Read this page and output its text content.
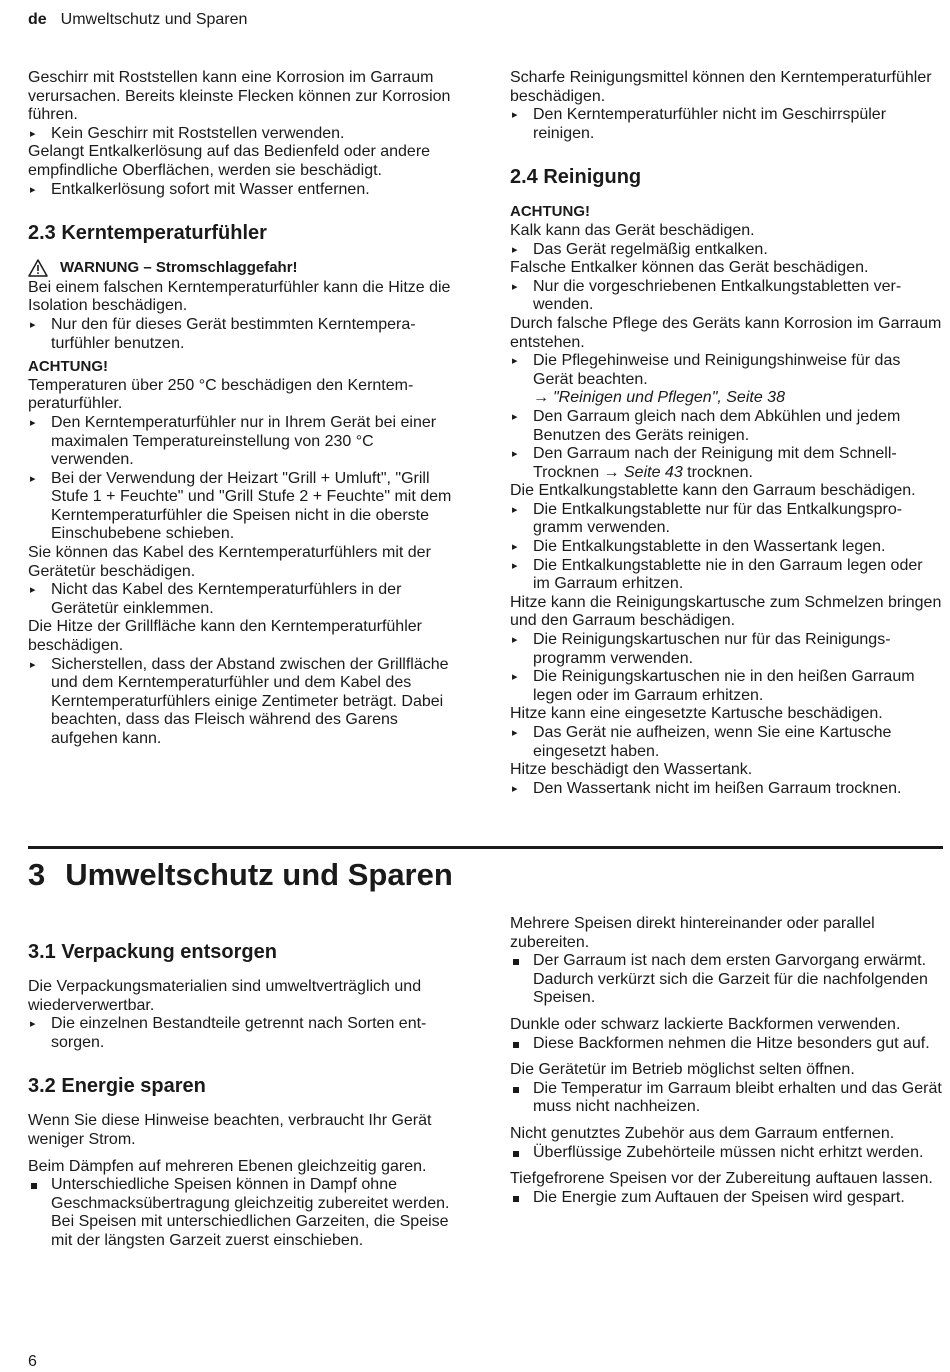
de Umweltschutz und Sparen

Geschirr mit Roststellen kann eine Korrosion im Garraum verursachen. Bereits kleinste Flecken können zur Korrosion führen.

▸ Kein Geschirr mit Roststellen verwenden.

Gelangt Entkalkerlösung auf das Bedienfeld oder andere empfindliche Oberflächen, werden sie beschädigt.

▸ Entkalkerlösung sofort mit Wasser entfernen.
2.3 Kerntemperaturfühler
WARNUNG – Stromschlaggefahr!

Bei einem falschen Kerntemperaturfühler kann die Hitze die Isolation beschädigen.

▸ Nur den für dieses Gerät bestimmten Kerntemperaturfühler benutzen.
ACHTUNG!

Temperaturen über 250 °C beschädigen den Kerntemperaturfühler.

▸ Den Kerntemperaturfühler nur in Ihrem Gerät bei einer maximalen Temperatureinstellung von 230 °C verwenden.
▸ Bei der Verwendung der Heizart "Grill + Umluft", "Grill Stufe 1 + Feuchte" und "Grill Stufe 2 + Feuchte" mit dem Kerntemperaturfühler die Speisen nicht in die oberste Einschubebene schieben.

Sie können das Kabel des Kerntemperaturfühlers mit der Gerätetür beschädigen.

▸ Nicht das Kabel des Kerntemperaturfühlers in der Gerätetür einklemmen.

Die Hitze der Grillfläche kann den Kerntemperaturfühler beschädigen.

▸ Sicherstellen, dass der Abstand zwischen der Grillfläche und dem Kerntemperaturfühler und dem Kabel des Kerntemperaturfühlers einige Zentimeter beträgt. Dabei beachten, dass das Fleisch während des Garens aufgehen kann.

Scharfe Reinigungsmittel können den Kerntemperaturfühler beschädigen.

▸ Den Kerntemperaturfühler nicht im Geschirrspüler reinigen.
2.4 Reinigung
ACHTUNG!

Kalk kann das Gerät beschädigen.

▸ Das Gerät regelmäßig entkalken.

Falsche Entkalker können das Gerät beschädigen.

▸ Nur die vorgeschriebenen Entkalkungstabletten verwenden.

Durch falsche Pflege des Geräts kann Korrosion im Garraum entstehen.

▸ Die Pflegehinweise und Reinigungshinweise für das Gerät beachten.
→ "Reinigen und Pflegen", Seite 38
▸ Den Garraum gleich nach dem Abkühlen und jedem Benutzen des Geräts reinigen.
▸ Den Garraum nach der Reinigung mit dem SchnellTrocknen → Seite 43 trocknen.

Die Entkalkungstablette kann den Garraum beschädigen.

▸ Die Entkalkungstablette nur für das Entkalkungsprogramm verwenden.
▸ Die Entkalkungstablette in den Wassertank legen.
▸ Die Entkalkungstablette nie in den Garraum legen oder im Garraum erhitzen.

Hitze kann die Reinigungskartusche zum Schmelzen bringen und den Garraum beschädigen.

▸ Die Reinigungskartuschen nur für das Reinigungsprogramm verwenden.
▸ Die Reinigungskartuschen nie in den heißen Garraum legen oder im Garraum erhitzen.

Hitze kann eine eingesetzte Kartusche beschädigen.

▸ Das Gerät nie aufheizen, wenn Sie eine Kartusche eingesetzt haben.

Hitze beschädigt den Wassertank.

▸ Den Wassertank nicht im heißen Garraum trocknen.
3 Umweltschutz und Sparen
3.1 Verpackung entsorgen

Die Verpackungsmaterialien sind umweltverträglich und wiederverwertbar.

▸ Die einzelnen Bestandteile getrennt nach Sorten entsorgen.
3.2 Energie sparen

Wenn Sie diese Hinweise beachten, verbraucht Ihr Gerät weniger Strom.

Beim Dämpfen auf mehreren Ebenen gleichzeitig garen.

Unterschiedliche Speisen können in Dampf ohne Geschmacksübertragung gleichzeitig zubereitet werden. Bei Speisen mit unterschiedlichen Garzeiten, die Speise mit der längsten Garzeit zuerst einschieben.

Mehrere Speisen direkt hintereinander oder parallel zubereiten.

Der Garraum ist nach dem ersten Garvorgang erwärmt. Dadurch verkürzt sich die Garzeit für die nachfolgenden Speisen.

Dunkle oder schwarz lackierte Backformen verwenden.

Diese Backformen nehmen die Hitze besonders gut auf.

Die Gerätetür im Betrieb möglichst selten öffnen.

Die Temperatur im Garraum bleibt erhalten und das Gerät muss nicht nachheizen.

Nicht genutztes Zubehör aus dem Garraum entfernen.

Überflüssige Zubehörteile müssen nicht erhitzt werden.

Tiefgefrorene Speisen vor der Zubereitung auftauen lassen.

Die Energie zum Auftauen der Speisen wird gespart.
6
